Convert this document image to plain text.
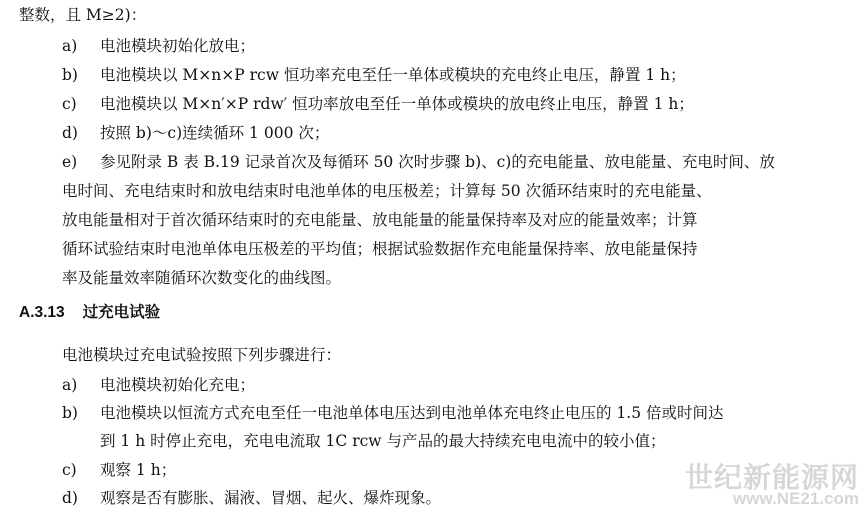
整数，且 M≥2)：
a) 电池模块初始化放电；
b) 电池模块以 M×n×P rcw 恒功率充电至任一单体或模块的充电终止电压，静置 1 h；
c) 电池模块以 M×n′×P rdw′ 恒功率放电至任一单体或模块的放电终止电压，静置 1 h；
d) 按照 b)～c)连续循环 1 000 次；
e) 参见附录 B 表 B.19 记录首次及每循环 50 次时步骤 b)、c)的充电能量、放电能量、充电时间、放
电时间、充电结束时和放电结束时电池单体的电压极差；计算每 50 次循环结束时的充电能量、
放电能量相对于首次循环结束时的充电能量、放电能量的能量保持率及对应的能量效率；计算
循环试验结束时电池单体电压极差的平均值；根据试验数据作充电能量保持率、放电能量保持
率及能量效率随循环次数变化的曲线图。
A.3.13 过充电试验
电池模块过充电试验按照下列步骤进行：
a) 电池模块初始化充电；
b) 电池模块以恒流方式充电至任一电池单体电压达到电池单体充电终止电压的 1.5 倍或时间达
到 1 h 时停止充电，充电电流取 1C rcw 与产品的最大持续充电电流中的较小值；
c) 观察 1 h；
d) 观察是否有膨胀、漏液、冒烟、起火、爆炸现象。
世纪新能源网
www.NE21.com
